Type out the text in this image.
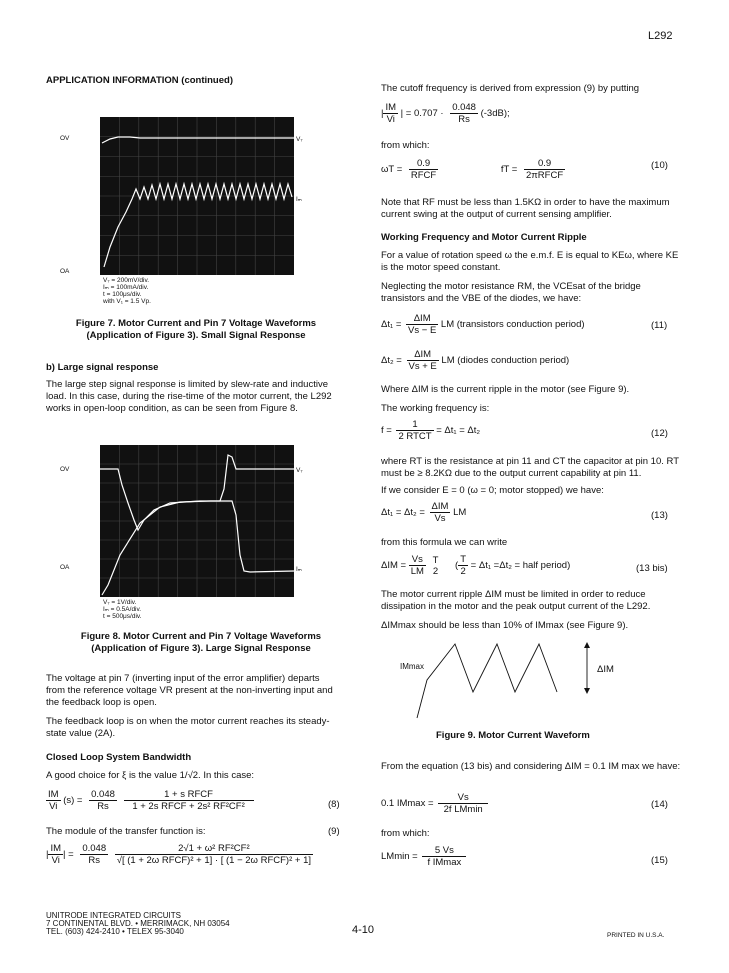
L292
APPLICATION INFORMATION (continued)
OV
OA
V₇
Iₘ
V₇ = 200mV/div.
Iₘ = 100mA/div.
t = 100μs/div.
with V₁ = 1.5 Vp.
Figure 7. Motor Current and Pin 7 Voltage Waveforms
(Application of Figure 3). Small Signal Response
b) Large signal response

The large step signal response is limited by slew-rate and inductive load. In this case, during the rise-time of the motor current, the L292 works in open-loop condition, as can be seen from Figure 8.

OV
OA
V₇
Iₘ
V₇ = 1V/div.
Iₘ = 0.5A/div.
t = 500μs/div.
Figure 8. Motor Current and Pin 7 Voltage Waveforms
(Application of Figure 3). Large Signal Response

The voltage at pin 7 (inverting input of the error amplifier) departs from the reference voltage VR present at the non-inverting input and the feedback loop is open.

The feedback loop is on when the motor current reaches its steady-state value (2A).

Closed Loop System Bandwidth

A good choice for ξ is the value 1/√2. In this case:

$\frac{IM}{Vi} (s) = \frac{0.048}{Rs}$
$\frac{\text{1 + s RFCF}}{\text{1 + 2s RFCF + 2s² RF²CF²}}$	(8)

The module of the transfer function is:	(9)
| $\frac{IM}{Vi}$ | = $\frac{0.048}{Rs}$
$\frac{\text{2√1 + ω² RF²CF²}}{\text{√[ (1 + 2ω RFCF)² + 1] · [ (1 − 2ω RFCF)² + 1]}}$
UNITRODE INTEGRATED CIRCUITS
7 CONTINENTAL BLVD. • MERRIMACK, NH 03054
TEL. (603) 424-2410 • TELEX 95-3040	4-10	PRINTED IN U.S.A.

The cutoff frequency is derived from expression (9) by putting

| $\frac{IM}{Vi}$ | = $0.707 \cdot \frac{0.048}{Rs} (-3dB)$;

from which:

$\omega T = \frac{0.9}{\text{RFCF}}$	fT = $\frac{0.9}{\text{2πRFCF}}$	(10)

Note that RF must be less than 1.5KΩ in order to have the maximum current swing at the output of current sensing amplifier.

Working Frequency and Motor Current Ripple

For a value of rotation speed ω the e.m.f. E is equal to KEω, where KE is the motor speed constant.

Neglecting the motor resistance RM, the VCEsat of the bridge transistors and the VBE of the diodes, we have:

$\Delta t_1 = \frac{\text{ΔIM}}{Vs - E}$ LM (transistors conduction period)	(11)
$\Delta t_2 = \frac{\text{ΔIM}}{Vs + E}$ LM (diodes conduction period)

Where ΔIM is the current ripple in the motor (see Figure 9).

The working frequency is:

$f = \frac{1}{\text{2 RTCT}} = \Delta t_1 = \Delta t_2$	(12)

where RT is the resistance at pin 11 and CT the capacitor at pin 10. RT must be ≥ 8.2KΩ due to the output current capability at pin 11.

If we consider E = 0 (ω = 0; motor stopped) we have:

$\Delta t_1 = \Delta t_2 = \frac{\text{ΔIM}}{Vs}$ LM	(13)

from this formula we can write

$\Delta IM = \frac{Vs}{LM}$
T
2 ( $\frac{T}{2} = \Delta t_1 =\Delta t_2$ = half period)	(13 bis)

The motor current ripple ΔIM must be limited in order to reduce dissipation in the motor and the peak output current of the L292.

ΔIMmax should be less than 10% of IMmax (see Figure 9).

IMmax	ΔIM
Figure 9. Motor Current Waveform

From the equation (13 bis) and considering ΔIM = 0.1 IM max we have:

0.1 $IMmax = \frac{Vs}{\text{2f LMmin}}$	(14)

from which:

$LMmin = \frac{5 Vs}{\text{f IMmax}}$	(15)
